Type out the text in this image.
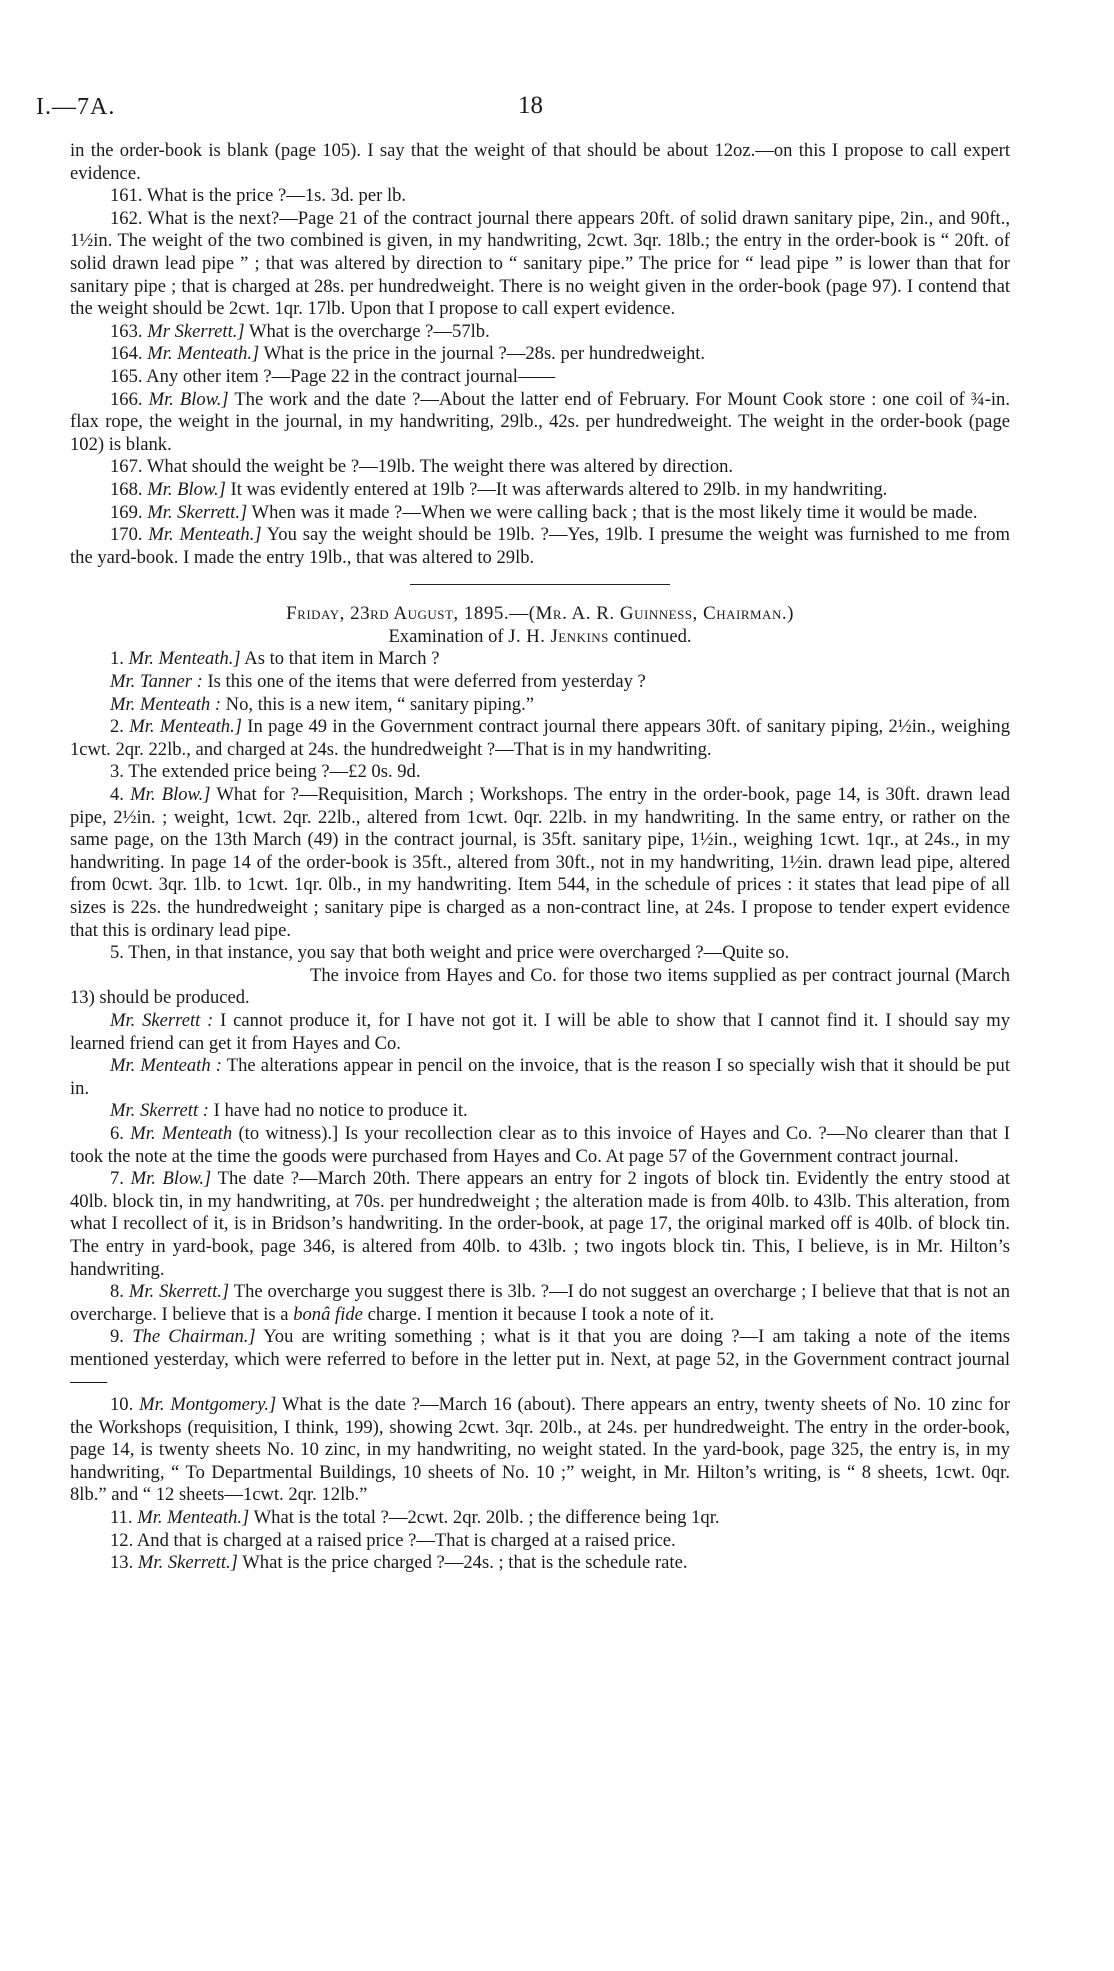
I.—7A.	18

in the order-book is blank (page 105). I say that the weight of that should be about 12oz.—on this I propose to call expert evidence.

161. What is the price ?—1s. 3d. per lb.

162. What is the next?—Page 21 of the contract journal there appears 20ft. of solid drawn sanitary pipe, 2in., and 90ft., 1½in. The weight of the two combined is given, in my handwriting, 2cwt. 3qr. 18lb.; the entry in the order-book is “ 20ft. of solid drawn lead pipe ” ; that was altered by direction to “ sanitary pipe.” The price for “ lead pipe ” is lower than that for sanitary pipe ; that is charged at 28s. per hundredweight. There is no weight given in the order-book (page 97). I contend that the weight should be 2cwt. 1qr. 17lb. Upon that I propose to call expert evidence.

163. Mr Skerrett.] What is the overcharge ?—57lb.

164. Mr. Menteath.] What is the price in the journal ?—28s. per hundredweight.

165. Any other item ?—Page 22 in the contract journal——

166. Mr. Blow.] The work and the date ?—About the latter end of February. For Mount Cook store : one coil of ¾-in. flax rope, the weight in the journal, in my handwriting, 29lb., 42s. per hundredweight. The weight in the order-book (page 102) is blank.

167. What should the weight be ?—19lb. The weight there was altered by direction.

168. Mr. Blow.] It was evidently entered at 19lb ?—It was afterwards altered to 29lb. in my handwriting.

169. Mr. Skerrett.] When was it made ?—When we were calling back ; that is the most likely time it would be made.

170. Mr. Menteath.] You say the weight should be 19lb. ?—Yes, 19lb. I presume the weight was furnished to me from the yard-book. I made the entry 19lb., that was altered to 29lb.

Friday, 23rd August, 1895.—(Mr. A. R. Guinness, Chairman.)

Examination of J. H. Jenkins continued.

1. Mr. Menteath.] As to that item in March ?

Mr. Tanner : Is this one of the items that were deferred from yesterday ?

Mr. Menteath : No, this is a new item, “ sanitary piping.”

2. Mr. Menteath.] In page 49 in the Government contract journal there appears 30ft. of sanitary piping, 2½in., weighing 1cwt. 2qr. 22lb., and charged at 24s. the hundredweight ?—That is in my handwriting.

3. The extended price being ?—£2 0s. 9d.

4. Mr. Blow.] What for ?—Requisition, March ; Workshops. The entry in the order-book, page 14, is 30ft. drawn lead pipe, 2½in. ; weight, 1cwt. 2qr. 22lb., altered from 1cwt. 0qr. 22lb. in my handwriting. In the same entry, or rather on the same page, on the 13th March (49) in the contract journal, is 35ft. sanitary pipe, 1½in., weighing 1cwt. 1qr., at 24s., in my handwriting. In page 14 of the order-book is 35ft., altered from 30ft., not in my handwriting, 1½in. drawn lead pipe, altered from 0cwt. 3qr. 1lb. to 1cwt. 1qr. 0lb., in my handwriting. Item 544, in the schedule of prices : it states that lead pipe of all sizes is 22s. the hundredweight ; sanitary pipe is charged as a non-contract line, at 24s. I propose to tender expert evidence that this is ordinary lead pipe.

5. Then, in that instance, you say that both weight and price were overcharged ?—Quite so.

The invoice from Hayes and Co. for those two items supplied as per contract journal (March 13) should be produced.

Mr. Skerrett : I cannot produce it, for I have not got it. I will be able to show that I cannot find it. I should say my learned friend can get it from Hayes and Co.

Mr. Menteath : The alterations appear in pencil on the invoice, that is the reason I so specially wish that it should be put in.

Mr. Skerrett : I have had no notice to produce it.

6. Mr. Menteath (to witness).] Is your recollection clear as to this invoice of Hayes and Co. ?—No clearer than that I took the note at the time the goods were purchased from Hayes and Co. At page 57 of the Government contract journal.

7. Mr. Blow.] The date ?—March 20th. There appears an entry for 2 ingots of block tin. Evidently the entry stood at 40lb. block tin, in my handwriting, at 70s. per hundredweight ; the alteration made is from 40lb. to 43lb. This alteration, from what I recollect of it, is in Bridson’s handwriting. In the order-book, at page 17, the original marked off is 40lb. of block tin. The entry in yard-book, page 346, is altered from 40lb. to 43lb. ; two ingots block tin. This, I believe, is in Mr. Hilton’s handwriting.

8. Mr. Skerrett.] The overcharge you suggest there is 3lb. ?—I do not suggest an overcharge ; I believe that that is not an overcharge. I believe that is a bonâ fide charge. I mention it because I took a note of it.

9. The Chairman.] You are writing something ; what is it that you are doing ?—I am taking a note of the items mentioned yesterday, which were referred to before in the letter put in. Next, at page 52, in the Government contract journal——

10. Mr. Montgomery.] What is the date ?—March 16 (about). There appears an entry, twenty sheets of No. 10 zinc for the Workshops (requisition, I think, 199), showing 2cwt. 3qr. 20lb., at 24s. per hundredweight. The entry in the order-book, page 14, is twenty sheets No. 10 zinc, in my handwriting, no weight stated. In the yard-book, page 325, the entry is, in my handwriting, “ To Departmental Buildings, 10 sheets of No. 10 ;” weight, in Mr. Hilton’s writing, is “ 8 sheets, 1cwt. 0qr. 8lb.” and “ 12 sheets—1cwt. 2qr. 12lb.”

11. Mr. Menteath.] What is the total ?—2cwt. 2qr. 20lb. ; the difference being 1qr.

12. And that is charged at a raised price ?—That is charged at a raised price.

13. Mr. Skerrett.] What is the price charged ?—24s. ; that is the schedule rate.
